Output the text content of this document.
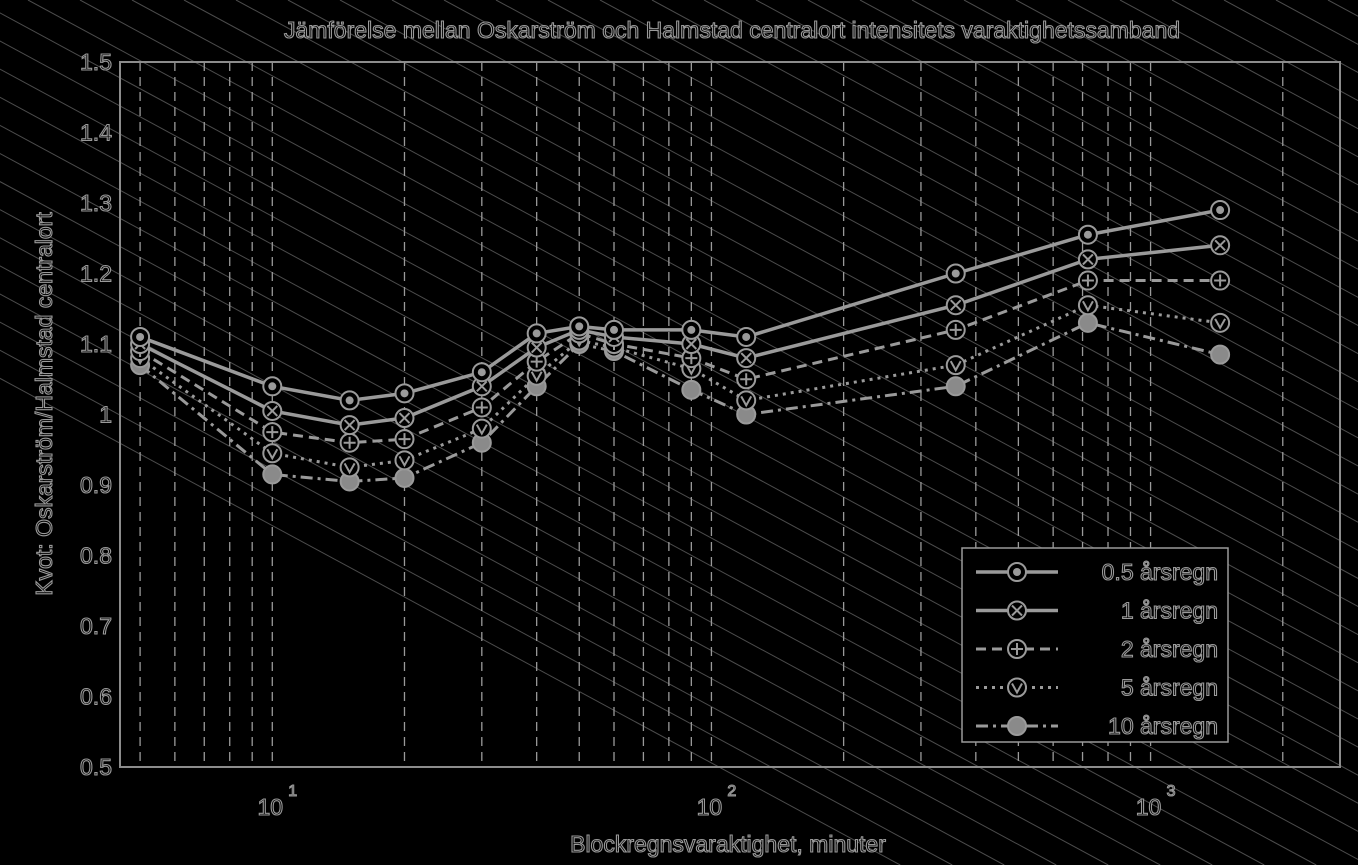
0.5
0.6
0.7
0.8
0.9
1
1.1
1.2
1.3
1.4
1.5
10
1
10
2
10
3
Jämförelse mellan Oskarström och Halmstad centralort intensitets varaktighetssamband
Blockregnsvaraktighet, minuter
Kvot: Oskarström/Halmstad centralort	0.5 årsregn
1 årsregn
2 årsregn
5 årsregn
10 årsregn
